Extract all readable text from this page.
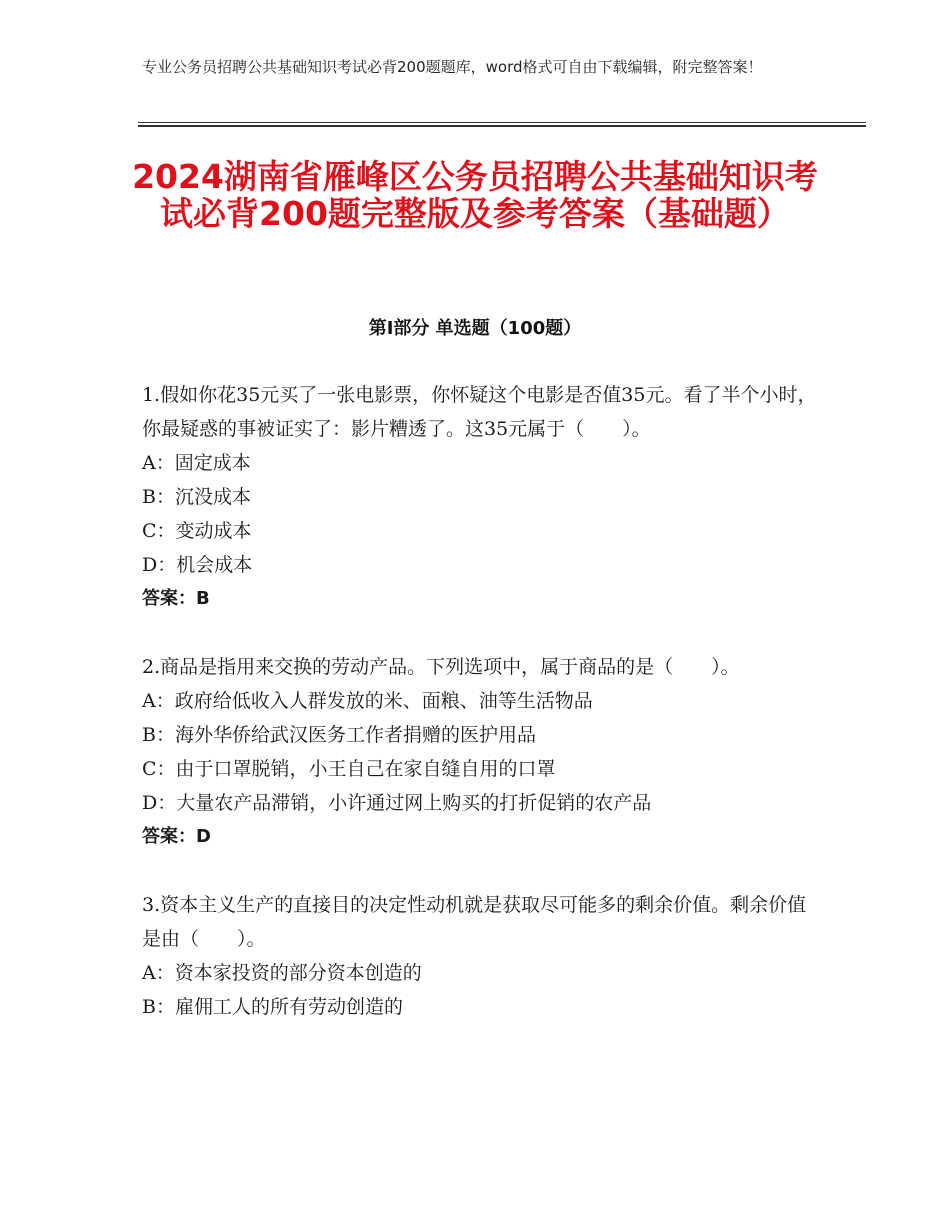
专业公务员招聘公共基础知识考试必背200题题库，word格式可自由下载编辑，附完整答案！
2024湖南省雁峰区公务员招聘公共基础知识考试必背200题完整版及参考答案（基础题）
第I部分 单选题（100题）
1.假如你花35元买了一张电影票，你怀疑这个电影是否值35元。看了半个小时，你最疑惑的事被证实了：影片糟透了。这35元属于（　　）。
A：固定成本
B：沉没成本
C：变动成本
D：机会成本
答案：B
2.商品是指用来交换的劳动产品。下列选项中，属于商品的是（　　）。
A：政府给低收入人群发放的米、面粮、油等生活物品
B：海外华侨给武汉医务工作者捐赠的医护用品
C：由于口罩脱销，小王自己在家自缝自用的口罩
D：大量农产品滞销，小许通过网上购买的打折促销的农产品
答案：D
3.资本主义生产的直接目的决定性动机就是获取尽可能多的剩余价值。剩余价值是由（　　）。
A：资本家投资的部分资本创造的
B：雇佣工人的所有劳动创造的
